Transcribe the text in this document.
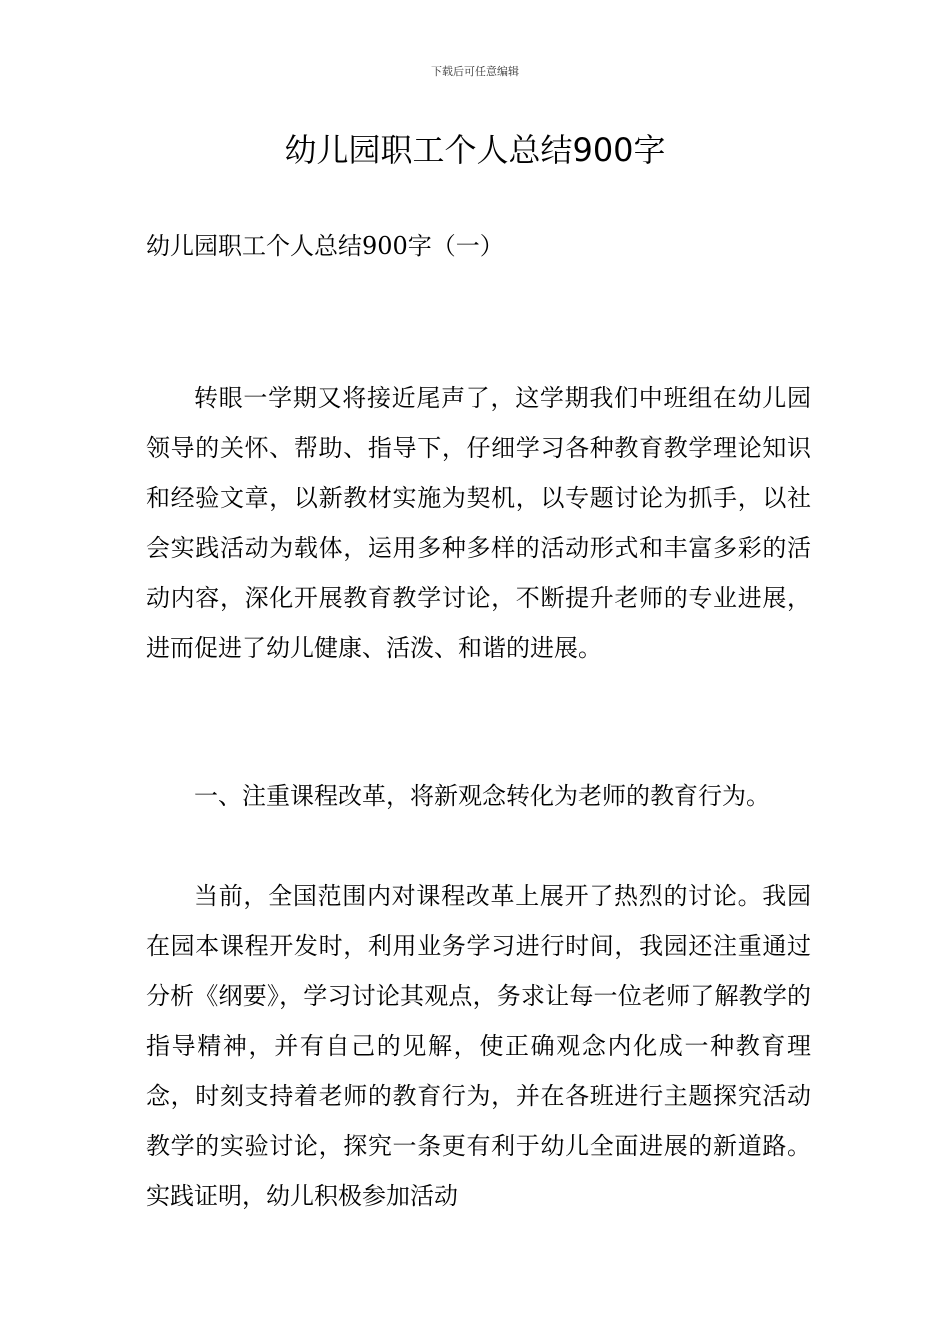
下载后可任意编辑
幼儿园职工个人总结900字
幼儿园职工个人总结900字（一）

转眼一学期又将接近尾声了，这学期我们中班组在幼儿园领导的关怀、帮助、指导下，仔细学习各种教育教学理论知识和经验文章，以新教材实施为契机，以专题讨论为抓手，以社会实践活动为载体，运用多种多样的活动形式和丰富多彩的活动内容，深化开展教育教学讨论，不断提升老师的专业进展，进而促进了幼儿健康、活泼、和谐的进展。

一、注重课程改革，将新观念转化为老师的教育行为。

当前，全国范围内对课程改革上展开了热烈的讨论。我园在园本课程开发时，利用业务学习进行时间，我园还注重通过分析《纲要》，学习讨论其观点，务求让每一位老师了解教学的指导精神，并有自己的见解，使正确观念内化成一种教育理念，时刻支持着老师的教育行为，并在各班进行主题探究活动教学的实验讨论，探究一条更有利于幼儿全面进展的新道路。实践证明，幼儿积极参加活动
